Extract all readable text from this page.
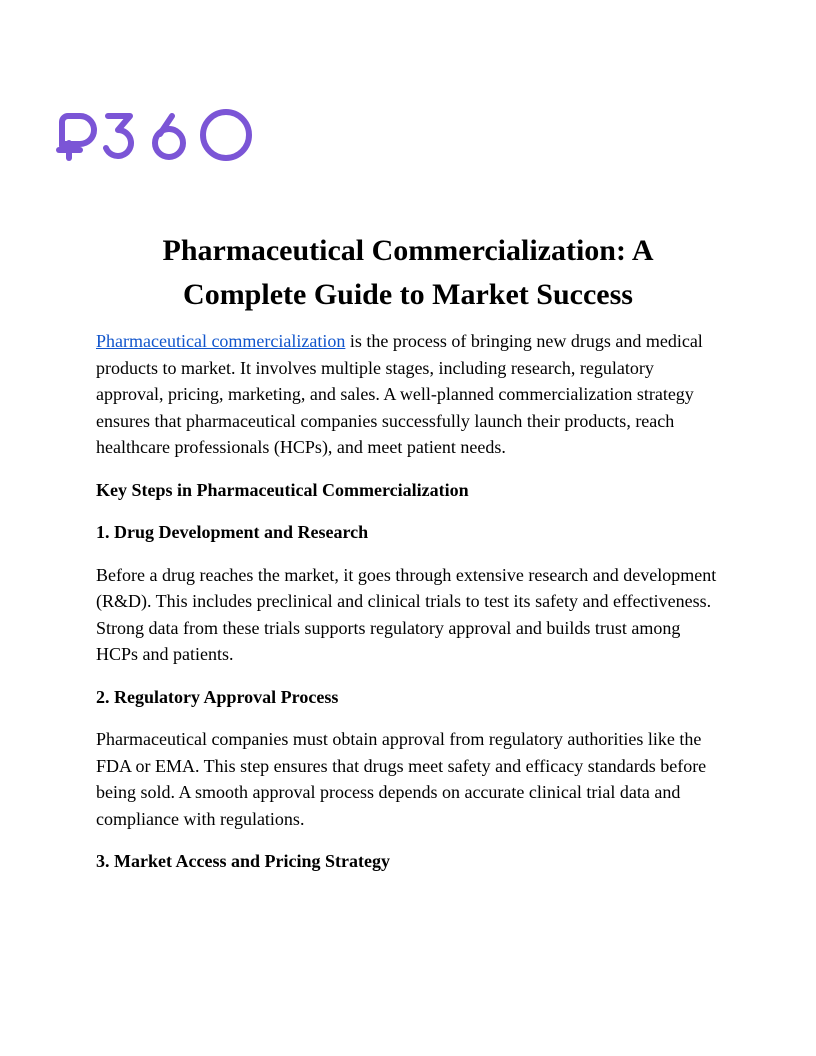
Pharmaceutical Commercialization: A
Complete Guide to Market Success

Pharmaceutical commercialization is the process of bringing new drugs and medical products to market. It involves multiple stages, including research, regulatory approval, pricing, marketing, and sales. A well-planned commercialization strategy ensures that pharmaceutical companies successfully launch their products, reach healthcare professionals (HCPs), and meet patient needs.

Key Steps in Pharmaceutical Commercialization

1. Drug Development and Research

Before a drug reaches the market, it goes through extensive research and development (R&D). This includes preclinical and clinical trials to test its safety and effectiveness. Strong data from these trials supports regulatory approval and builds trust among HCPs and patients.

2. Regulatory Approval Process

Pharmaceutical companies must obtain approval from regulatory authorities like the FDA or EMA. This step ensures that drugs meet safety and efficacy standards before being sold. A smooth approval process depends on accurate clinical trial data and compliance with regulations.

3. Market Access and Pricing Strategy
